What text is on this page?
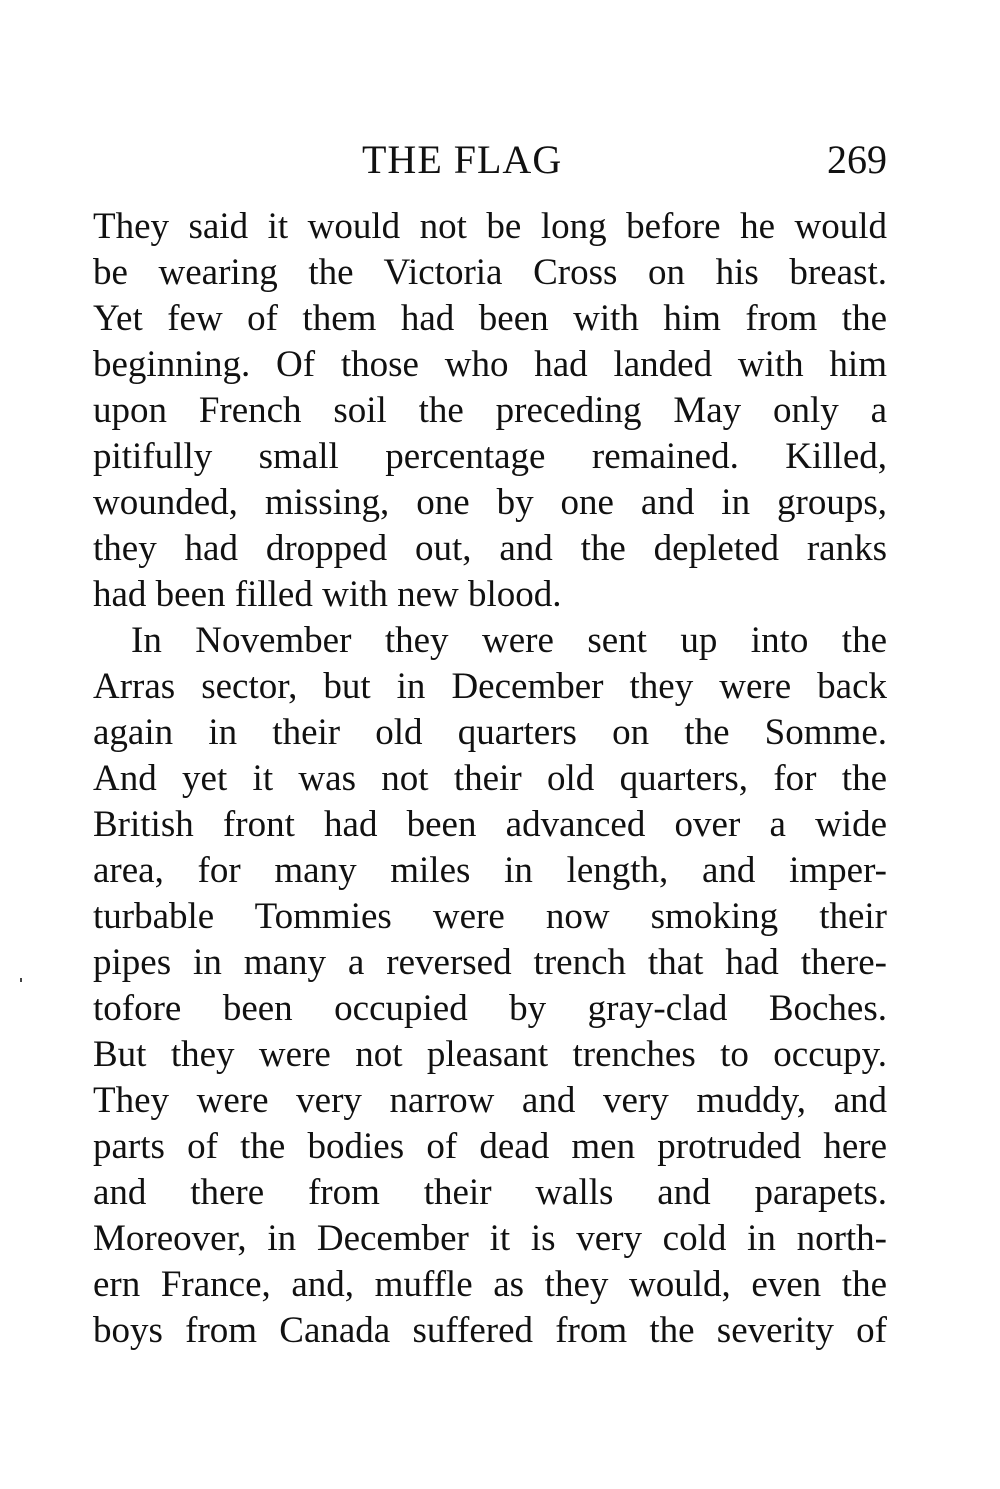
THE FLAG	269
They said it would not be long before he would
be wearing the Victoria Cross on his breast.
Yet few of them had been with him from the
beginning. Of those who had landed with him
upon French soil the preceding May only a
pitifully small percentage remained. Killed,
wounded, missing, one by one and in groups,
they had dropped out, and the depleted ranks
had been filled with new blood.
In November they were sent up into the
Arras sector, but in December they were back
again in their old quarters on the Somme.
And yet it was not their old quarters, for the
British front had been advanced over a wide
area, for many miles in length, and imper-
turbable Tommies were now smoking their
pipes in many a reversed trench that had there-
tofore been occupied by gray-clad Boches.
But they were not pleasant trenches to occupy.
They were very narrow and very muddy, and
parts of the bodies of dead men protruded here
and there from their walls and parapets.
Moreover, in December it is very cold in north-
ern France, and, muffle as they would, even the
boys from Canada suffered from the severity of
